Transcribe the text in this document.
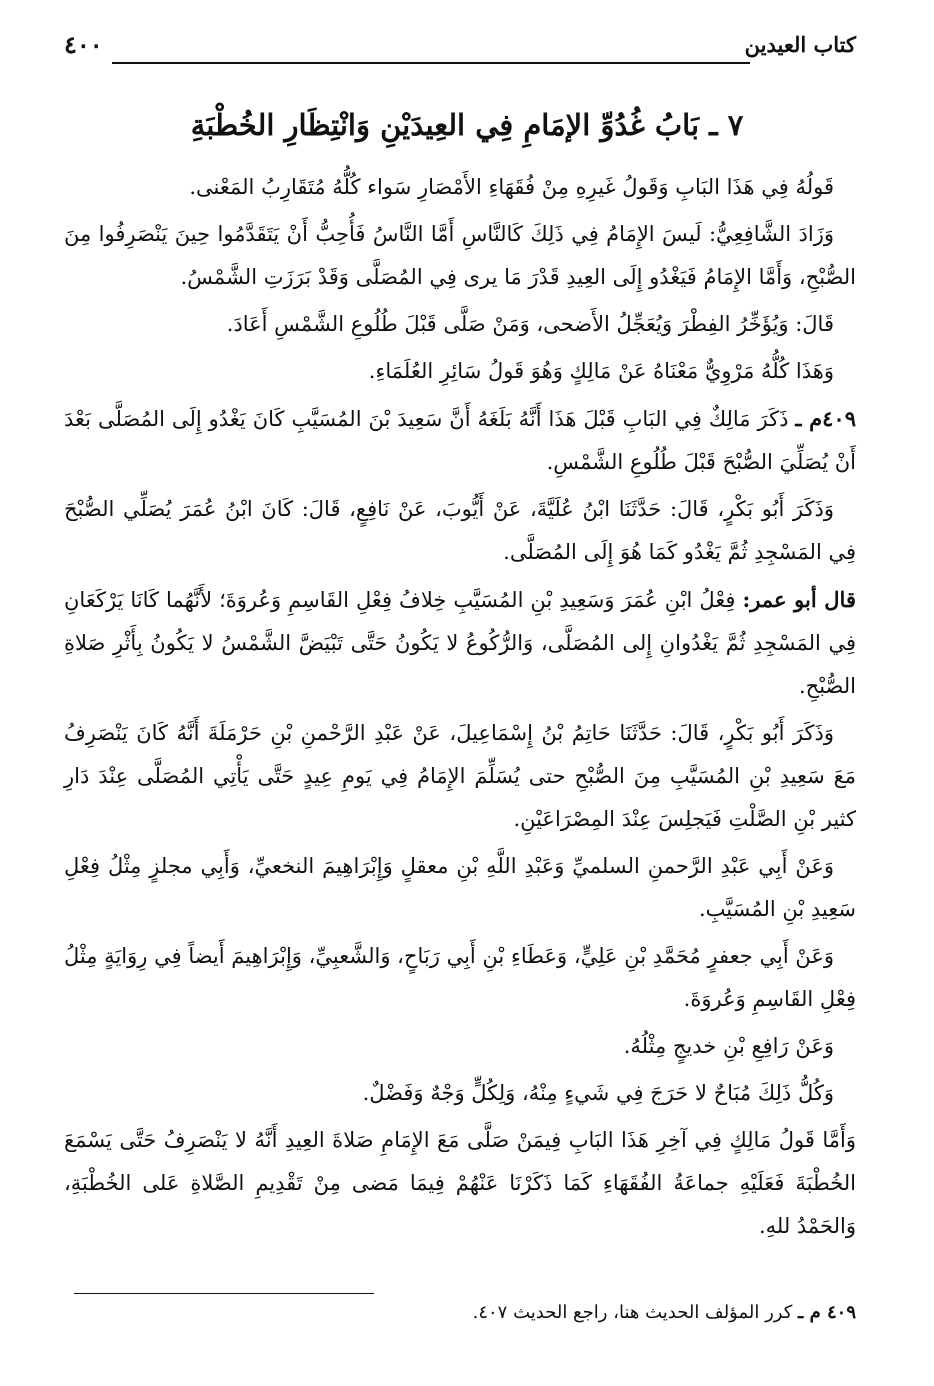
كتاب العيدين
٤٠٠
٧ ـ بَابُ غُدُوِّ الإمَامِ فِي العِيدَيْنِ وَانْتِظَارِ الخُطْبَةِ

قَولُهُ فِي هَذَا البَابِ وَقَولُ غَيرِهِ مِنْ فُقَهَاءِ الأَمْصَارِ سَواء كُلُّهُ مُتَقَارِبُ المَعْنى.

وَزَادَ الشَّافِعِيُّ: لَيسَ الإِمَامُ فِي ذَلِكَ كَالنَّاسِ أَمَّا النَّاسُ فَأُحِبُّ أَنْ يَتَقَدَّمُوا حِينَ يَنْصَرِفُوا مِنَ الصُّبْحِ، وَأَمَّا الإِمَامُ فَيَغْدُو إِلَى العِيدِ قَدْرَ مَا يرى فِي المُصَلَّى وَقَدْ بَرَزَتِ الشَّمْسُ.

قَالَ: وَيُؤَخِّرُ الفِطْرَ وَيُعَجِّلُ الأَضحى، وَمَنْ صَلَّى قَبْلَ طُلُوعِ الشَّمْسِ أَعَادَ.

وَهَذَا كُلُّهُ مَرْوِيٌّ مَعْنَاهُ عَنْ مَالِكٍ وَهُوَ قَولُ سَائِرِ العُلَمَاءِ.

٤٠٩م ـ ذَكَرَ مَالِكٌ فِي البَابِ قَبْلَ هَذَا أَنَّهُ بَلَغَهُ أَنَّ سَعِيدَ بْنَ المُسَيَّبِ كَانَ يَغْدُو إِلَى المُصَلَّى بَعْدَ أَنْ يُصَلِّيَ الصُّبْحَ قَبْلَ طُلُوعِ الشَّمْسِ.

وَذَكَرَ أَبُو بَكْرٍ، قَالَ: حَدَّثَنَا ابْنُ عُلَيَّةَ، عَنْ أَيُّوبَ، عَنْ نَافِعٍ، قَالَ: كَانَ ابْنُ عُمَرَ يُصَلِّي الصُّبْحَ فِي المَسْجِدِ ثُمَّ يَغْدُو كَمَا هُوَ إِلَى المُصَلَّى.

قال أبو عمر: فِعْلُ ابْنِ عُمَرَ وَسَعِيدِ بْنِ المُسَيَّبِ خِلافُ فِعْلِ القَاسِمِ وَعُروَةَ؛ لأَنَّهُما كَانَا يَرْكَعَانِ فِي المَسْجِدِ ثُمَّ يَغْدُوانِ إِلى المُصَلَّى، وَالرُّكُوعُ لا يَكُونُ حَتَّى تَبْيَضَّ الشَّمْسُ لا يَكُونُ بِأَثْرِ صَلاةِ الصُّبْحِ.

وَذَكَرَ أَبُو بَكْرٍ، قَالَ: حَدَّثَنَا حَاتِمُ بْنُ إِسْمَاعِيلَ، عَنْ عَبْدِ الرَّحْمنِ بْنِ حَرْمَلَةَ أَنَّهُ كَانَ يَنْصَرِفُ مَعَ سَعِيدِ بْنِ المُسَيَّبِ مِنَ الصُّبْحِ حتى يُسَلِّمَ الإِمَامُ فِي يَومِ عِيدٍ حَتَّى يَأْتِي المُصَلَّى عِنْدَ دَارِ كثير بْنِ الصَّلْتِ فَيَجلِسَ عِنْدَ المِصْرَاعَيْنِ.

وَعَنْ أَبِي عَبْدِ الرَّحمنِ السلميِّ وَعَبْدِ اللَّهِ بْنِ معقلٍ وَإِبْرَاهِيمَ النخعيِّ، وَأَبِي مجلزٍ مِثْلُ فِعْلِ سَعِيدِ بْنِ المُسَيَّبِ.

وَعَنْ أَبِي جعفرٍ مُحَمَّدِ بْنِ عَلِيٍّ، وَعَطَاءِ بْنِ أَبِي رَبَاحٍ، وَالشَّعبِيِّ، وَإِبْرَاهِيمَ أَيضاً فِي رِوَايَةٍ مِثْلُ فِعْلِ القَاسِمِ وَعُروَةَ.

وَعَنْ رَافِعِ بْنِ خديجٍ مِثْلُهُ.

وَكُلُّ ذَلِكَ مُبَاحٌ لا حَرَجَ فِي شَيءٍ مِنْهُ، وَلِكُلٍّ وَجْهٌ وَفَضْلٌ.

وَأَمَّا قَولُ مَالِكٍ فِي آخِرِ هَذَا البَابِ فِيمَنْ صَلَّى مَعَ الإِمَامِ صَلاةَ العِيدِ أَنَّهُ لا يَنْصَرِفُ حَتَّى يَسْمَعَ الخُطْبَةَ فَعَلَيْهِ جماعَةُ الفُقَهَاءِ كَمَا ذَكَرْنَا عَنْهُمْ فِيمَا مَضى مِنْ تَقْدِيمِ الصَّلاةِ عَلى الخُطْبَةِ، وَالحَمْدُ للهِ.

٤٠٩ م ـ كرر المؤلف الحديث هنا، راجع الحديث ٤٠٧.
